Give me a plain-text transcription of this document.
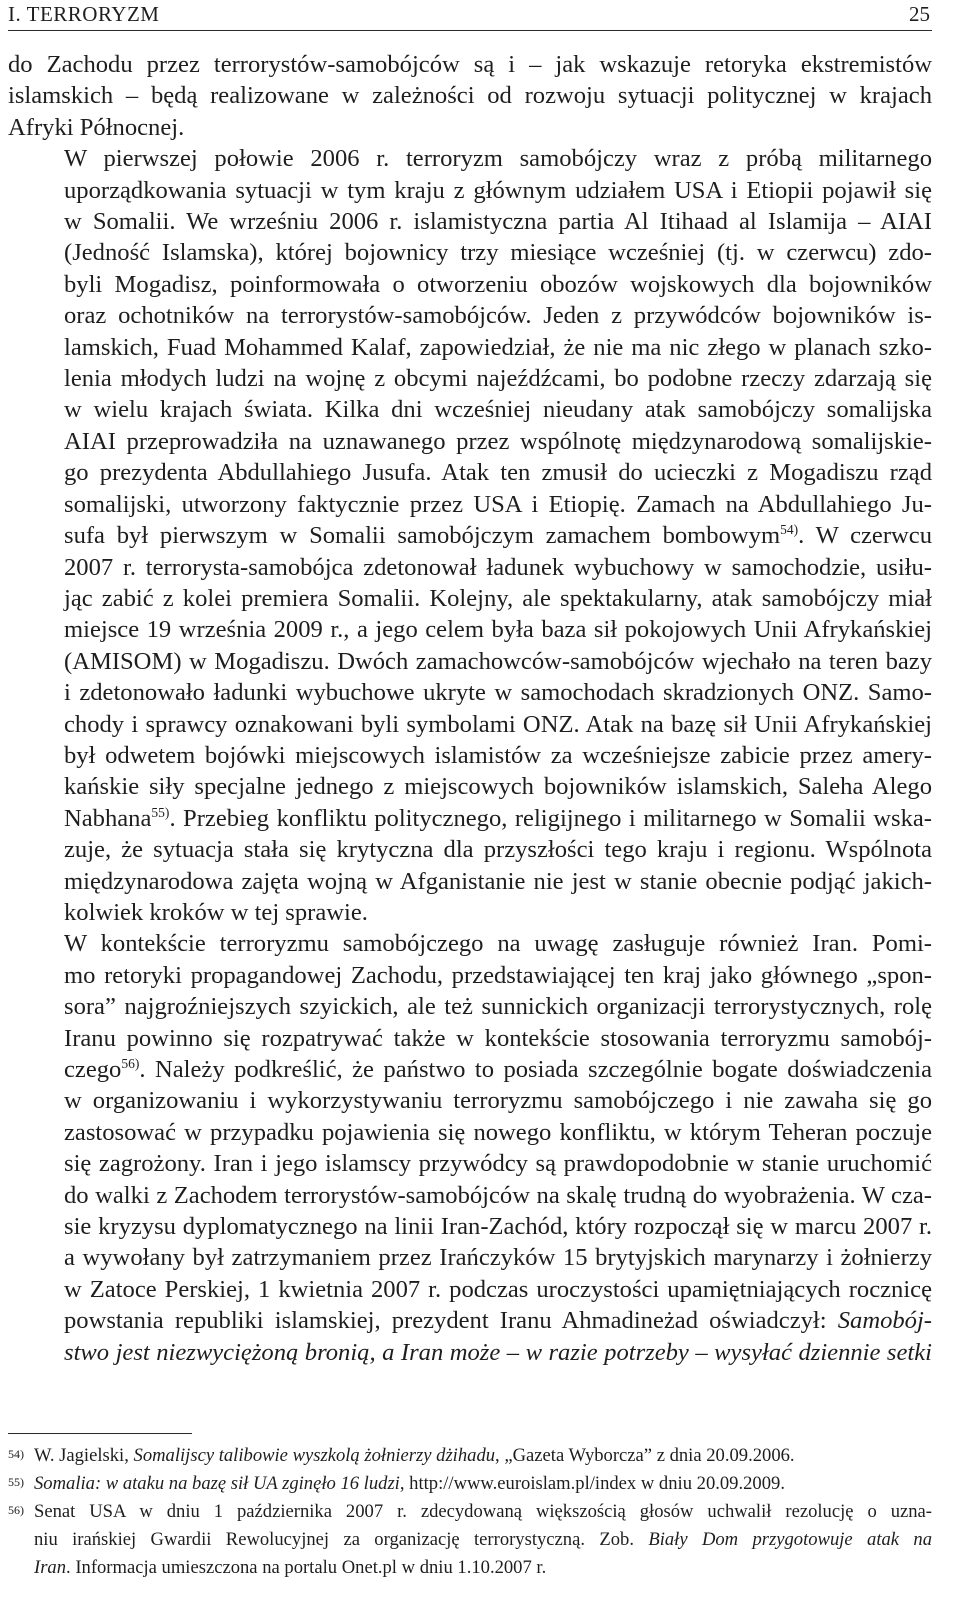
I. TERRORYZM	25
do Zachodu przez terrorystów-samobójców są i – jak wskazuje retoryka ekstremistów
islamskich – będą realizowane w zależności od rozwoju sytuacji politycznej w krajach
Afryki Północnej.
W pierwszej połowie 2006 r. terroryzm samobójczy wraz z próbą militarnego
uporządkowania sytuacji w tym kraju z głównym udziałem USA i Etiopii pojawił się
w Somalii. We wrześniu 2006 r. islamistyczna partia Al Itihaad al Islamija – AIAI
(Jedność Islamska), której bojownicy trzy miesiące wcześniej (tj. w czerwcu) zdo-
byli Mogadisz, poinformowała o otworzeniu obozów wojskowych dla bojowników
oraz ochotników na terrorystów-samobójców. Jeden z przywódców bojowników is-
lamskich, Fuad Mohammed Kalaf, zapowiedział, że nie ma nic złego w planach szko-
lenia młodych ludzi na wojnę z obcymi najeźdźcami, bo podobne rzeczy zdarzają się
w wielu krajach świata. Kilka dni wcześniej nieudany atak samobójczy somalijska
AIAI przeprowadziła na uznawanego przez wspólnotę międzynarodową somalijskie-
go prezydenta Abdullahiego Jusufa. Atak ten zmusił do ucieczki z Mogadiszu rząd
somalijski, utworzony faktycznie przez USA i Etiopię. Zamach na Abdullahiego Ju-
sufa był pierwszym w Somalii samobójczym zamachem bombowym$^{54)}$. W czerwcu
2007 r. terrorysta-samobójca zdetonował ładunek wybuchowy w samochodzie, usiłu-
jąc zabić z kolei premiera Somalii. Kolejny, ale spektakularny, atak samobójczy miał
miejsce 19 września 2009 r., a jego celem była baza sił pokojowych Unii Afrykańskiej
(AMISOM) w Mogadiszu. Dwóch zamachowców-samobójców wjechało na teren bazy
i zdetonowało ładunki wybuchowe ukryte w samochodach skradzionych ONZ. Samo-
chody i sprawcy oznakowani byli symbolami ONZ. Atak na bazę sił Unii Afrykańskiej
był odwetem bojówki miejscowych islamistów za wcześniejsze zabicie przez amery-
kańskie siły specjalne jednego z miejscowych bojowników islamskich, Saleha Alego
Nabhana$^{55)}$. Przebieg konfliktu politycznego, religijnego i militarnego w Somalii wska-
zuje, że sytuacja stała się krytyczna dla przyszłości tego kraju i regionu. Wspólnota
międzynarodowa zajęta wojną w Afganistanie nie jest w stanie obecnie podjąć jakich-
kolwiek kroków w tej sprawie.
W kontekście terroryzmu samobójczego na uwagę zasługuje również Iran. Pomi-
mo retoryki propagandowej Zachodu, przedstawiającej ten kraj jako głównego „spon-
sora” najgroźniejszych szyickich, ale też sunnickich organizacji terrorystycznych, rolę
Iranu powinno się rozpatrywać także w kontekście stosowania terroryzmu samobój-
czego$^{56)}$. Należy podkreślić, że państwo to posiada szczególnie bogate doświadczenia
w organizowaniu i wykorzystywaniu terroryzmu samobójczego i nie zawaha się go
zastosować w przypadku pojawienia się nowego konfliktu, w którym Teheran poczuje
się zagrożony. Iran i jego islamscy przywódcy są prawdopodobnie w stanie uruchomić
do walki z Zachodem terrorystów-samobójców na skalę trudną do wyobrażenia. W cza-
sie kryzysu dyplomatycznego na linii Iran-Zachód, który rozpoczął się w marcu 2007 r.
a wywołany był zatrzymaniem przez Irańczyków 15 brytyjskich marynarzy i żołnierzy
w Zatoce Perskiej, 1 kwietnia 2007 r. podczas uroczystości upamiętniających rocznicę
powstania republiki islamskiej, prezydent Iranu Ahmadineżad oświadczył: Samobój-
stwo jest niezwyciężoną bronią, a Iran może – w razie potrzeby – wysyłać dziennie setki
54) W. Jagielski, Somalijscy talibowie wyszkolą żołnierzy dżihadu, „Gazeta Wyborcza” z dnia 20.09.2006.
55) Somalia: w ataku na bazę sił UA zginęło 16 ludzi, http://www.euroislam.pl/index w dniu 20.09.2009.
56) Senat USA w dniu 1 października 2007 r. zdecydowaną większością głosów uchwalił rezolucję o uzna-
niu irańskiej Gwardii Rewolucyjnej za organizację terrorystyczną. Zob. Biały Dom przygotowuje atak na
Iran. Informacja umieszczona na portalu Onet.pl w dniu 1.10.2007 r.
